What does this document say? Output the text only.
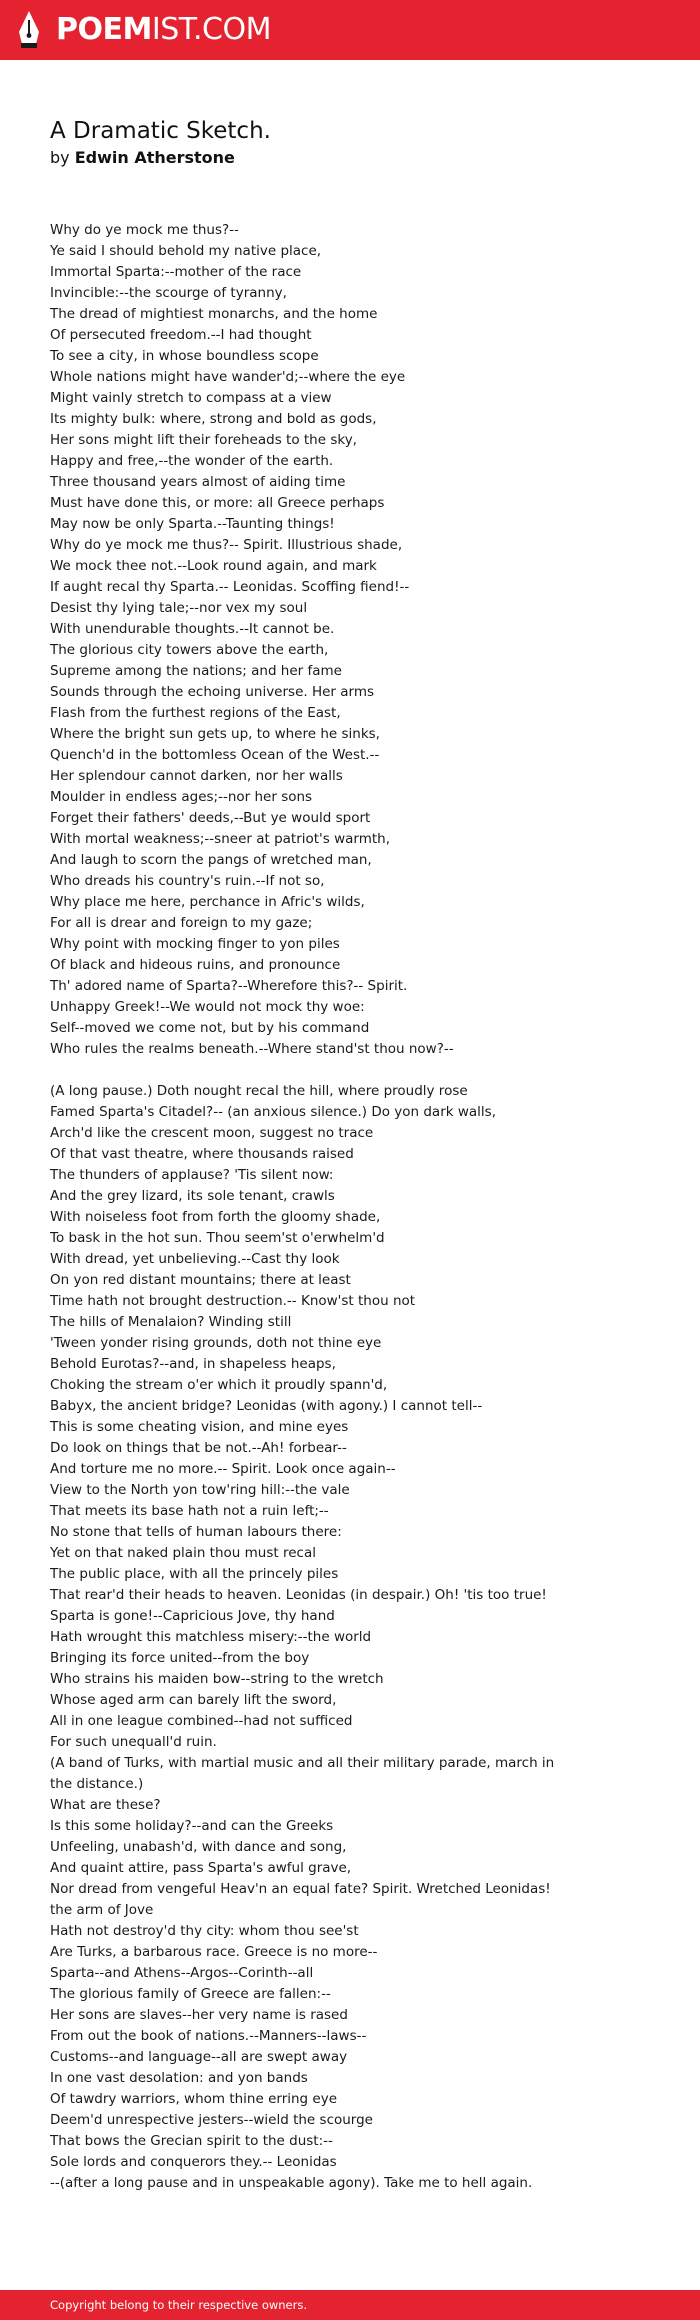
POEMIST.COM
A Dramatic Sketch.
by Edwin Atherstone
Why do ye mock me thus?--
Ye said I should behold my native place,
Immortal Sparta:--mother of the race
Invincible:--the scourge of tyranny,
The dread of mightiest monarchs, and the home
Of persecuted freedom.--I had thought
To see a city, in whose boundless scope
Whole nations might have wander'd;--where the eye
Might vainly stretch to compass at a view
Its mighty bulk: where, strong and bold as gods,
Her sons might lift their foreheads to the sky,
Happy and free,--the wonder of the earth.
Three thousand years almost of aiding time
Must have done this, or more: all Greece perhaps
May now be only Sparta.--Taunting things!
Why do ye mock me thus?-- Spirit. Illustrious shade,
We mock thee not.--Look round again, and mark
If aught recal thy Sparta.-- Leonidas. Scoffing fiend!--
Desist thy lying tale;--nor vex my soul
With unendurable thoughts.--It cannot be.
The glorious city towers above the earth,
Supreme among the nations; and her fame
Sounds through the echoing universe. Her arms
Flash from the furthest regions of the East,
Where the bright sun gets up, to where he sinks,
Quench'd in the bottomless Ocean of the West.--
Her splendour cannot darken, nor her walls
Moulder in endless ages;--nor her sons
Forget their fathers' deeds,--But ye would sport
With mortal weakness;--sneer at patriot's warmth,
And laugh to scorn the pangs of wretched man,
Who dreads his country's ruin.--If not so,
Why place me here, perchance in Afric's wilds,
For all is drear and foreign to my gaze;
Why point with mocking finger to yon piles
Of black and hideous ruins, and pronounce
Th' adored name of Sparta?--Wherefore this?-- Spirit.
Unhappy Greek!--We would not mock thy woe:
Self--moved we come not, but by his command
Who rules the realms beneath.--Where stand'st thou now?--
(A long pause.) Doth nought recal the hill, where proudly rose
Famed Sparta's Citadel?-- (an anxious silence.) Do yon dark walls,
Arch'd like the crescent moon, suggest no trace
Of that vast theatre, where thousands raised
The thunders of applause? 'Tis silent now:
And the grey lizard, its sole tenant, crawls
With noiseless foot from forth the gloomy shade,
To bask in the hot sun. Thou seem'st o'erwhelm'd
With dread, yet unbelieving.--Cast thy look
On yon red distant mountains; there at least
Time hath not brought destruction.-- Know'st thou not
The hills of Menalaion? Winding still
'Tween yonder rising grounds, doth not thine eye
Behold Eurotas?--and, in shapeless heaps,
Choking the stream o'er which it proudly spann'd,
Babyx, the ancient bridge? Leonidas (with agony.) I cannot tell--
This is some cheating vision, and mine eyes
Do look on things that be not.--Ah! forbear--
And torture me no more.-- Spirit. Look once again--
View to the North yon tow'ring hill:--the vale
That meets its base hath not a ruin left;--
No stone that tells of human labours there:
Yet on that naked plain thou must recal
The public place, with all the princely piles
That rear'd their heads to heaven. Leonidas (in despair.) Oh! 'tis too true!
Sparta is gone!--Capricious Jove, thy hand
Hath wrought this matchless misery:--the world
Bringing its force united--from the boy
Who strains his maiden bow--string to the wretch
Whose aged arm can barely lift the sword,
All in one league combined--had not sufficed
For such unequall'd ruin.
(A band of Turks, with martial music and all their military parade, march in the distance.)
What are these?
Is this some holiday?--and can the Greeks
Unfeeling, unabash'd, with dance and song,
And quaint attire, pass Sparta's awful grave,
Nor dread from vengeful Heav'n an equal fate? Spirit. Wretched Leonidas! the arm of Jove
Hath not destroy'd thy city: whom thou see'st
Are Turks, a barbarous race. Greece is no more--
Sparta--and Athens--Argos--Corinth--all
The glorious family of Greece are fallen:--
Her sons are slaves--her very name is rased
From out the book of nations.--Manners--laws--
Customs--and language--all are swept away
In one vast desolation: and yon bands
Of tawdry warriors, whom thine erring eye
Deem'd unrespective jesters--wield the scourge
That bows the Grecian spirit to the dust:--
Sole lords and conquerors they.-- Leonidas
--(after a long pause and in unspeakable agony). Take me to hell again.
Copyright belong to their respective owners.
